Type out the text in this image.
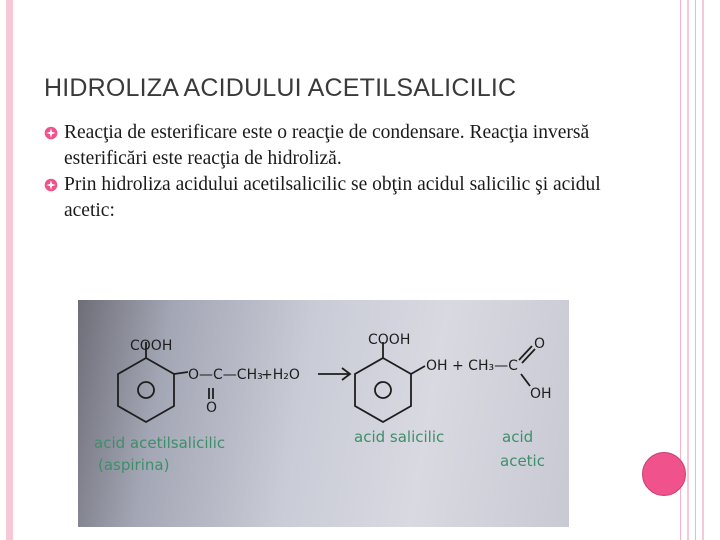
HIDROLIZA ACIDULUI ACETILSALICILIC
Reacţia de esterificare este o reacţie de condensare. Reacţia inversă esterificări este reacţia de hidroliză.
Prin hidroliza acidului acetilsalicilic se obţin acidul salicilic şi acidul acetic:
COOH
O—C—CH₃
O
+H₂O
COOH
OH + CH₃—C
O
OH
acid acetilsalicilic
(aspirina)
acid salicilic	acid
acetic
